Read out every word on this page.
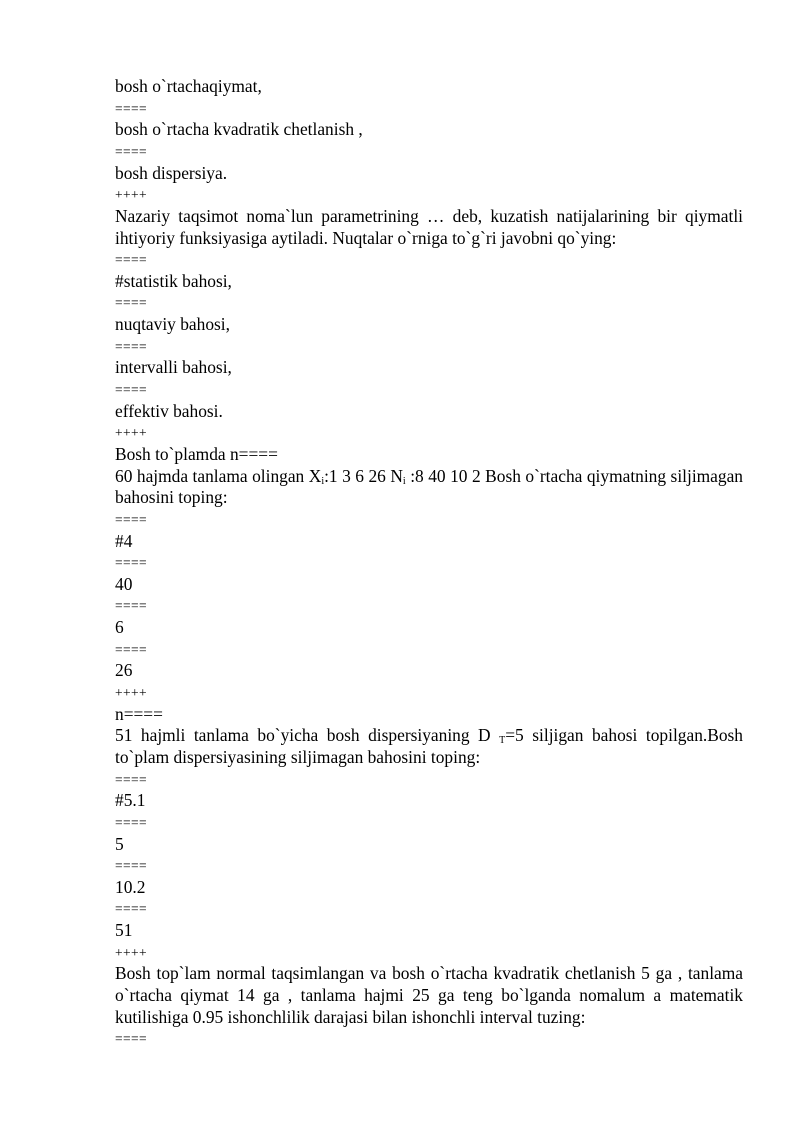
bosh o`rtachaqiymat,
====
bosh o`rtacha kvadratik chetlanish ,
====
bosh dispersiya.
++++
Nazariy taqsimot noma`lun parametrining … deb, kuzatish natijalarining bir qiymatli ihtiyoriy funksiyasiga aytiladi. Nuqtalar o`rniga to`g`ri javobni qo`ying:
====
#statistik bahosi,
====
nuqtaviy bahosi,
====
intervalli bahosi,
====
effektiv bahosi.
++++
Bosh to`plamda n====
60 hajmda tanlama olingan $X_i:1$ 3 6 26 $N_i$ :8 40 10 2 Bosh o`rtacha qiymatning siljimagan bahosini toping:
====
#4
====
40
====
6
====
26
++++
n====
51 hajmli tanlama bo`yicha bosh dispersiyaning D $_T$=5 siljigan bahosi topilgan.Bosh to`plam dispersiyasining siljimagan bahosini toping:
====
#5.1
====
5
====
10.2
====
51
++++
Bosh top`lam normal taqsimlangan va bosh o`rtacha kvadratik chetlanish 5 ga , tanlama o`rtacha qiymat 14 ga , tanlama hajmi 25 ga teng bo`lganda nomalum a matematik kutilishiga 0.95 ishonchlilik darajasi bilan ishonchli interval tuzing:
====
